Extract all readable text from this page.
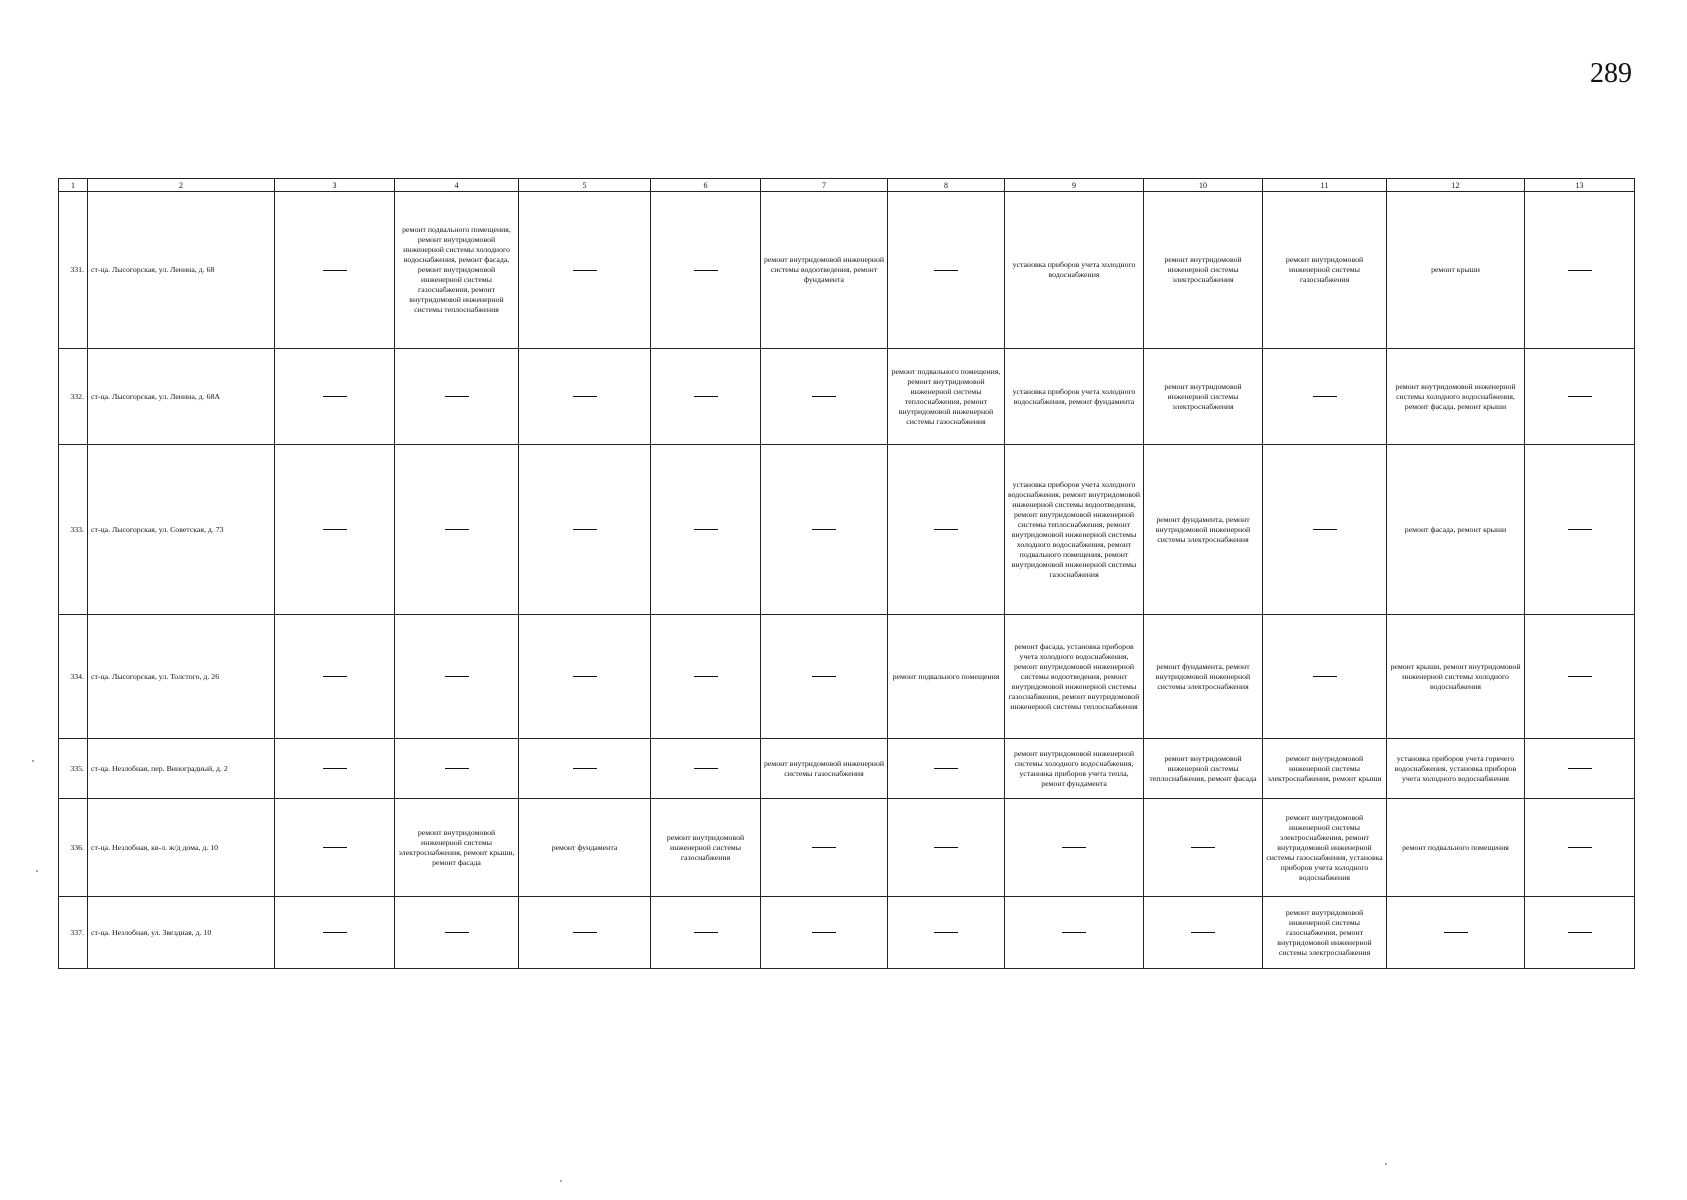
289
1	2	3	4	5	6	7	8	9	10	11	12	13
331.	ст-ца. Лысогорская, ул. Ленина, д. 68		ремонт подвального помещения, ремонт внутридомовой инженерной системы холодного водоснабжения, ремонт фасада, ремонт внутридомовой инженерной системы газоснабжения, ремонт внутридомовой инженерной системы теплоснабжения			ремонт внутридомовой инженерной системы водоотведения, ремонт фундамента		установка приборов учета холодного водоснабжения	ремонт внутридомовой инженерной системы электроснабжения	ремонт внутридомовой инженерной системы газоснабжения	ремонт крыши	
332.	ст-ца. Лысогорская, ул. Ленина, д. 68А						ремонт подвального помещения, ремонт внутридомовой инженерной системы теплоснабжения, ремонт внутридомовой инженерной системы газоснабжения	установка приборов учета холодного водоснабжения, ремонт фундамента	ремонт внутридомовой инженерной системы электроснабжения		ремонт внутридомовой инженерной системы холодного водоснабжения, ремонт фасада, ремонт крыши	
333.	ст-ца. Лысогорская, ул. Советская, д. 73							установка приборов учета холодного водоснабжения, ремонт внутридомовой инженерной системы водоотведения, ремонт внутридомовой инженерной системы теплоснабжения, ремонт внутридомовой инженерной системы холодного водоснабжения, ремонт подвального помещения, ремонт внутридомовой инженерной системы газоснабжения	ремонт фундамента, ремонт внутридомовой инженерной системы электроснабжения		ремонт фасада, ремонт крыши	
334.	ст-ца. Лысогорская, ул. Толстого, д. 26						ремонт подвального помещения	ремонт фасада, установка приборов учета холодного водоснабжения, ремонт внутридомовой инженерной системы водоотведения, ремонт внутридомовой инженерной системы газоснабжения, ремонт внутридомовой инженерной системы теплоснабжения	ремонт фундамента, ремонт внутридомовой инженерной системы электроснабжения		ремонт крыши, ремонт внутридомовой инженерной системы холодного водоснабжения	
335.	ст-ца. Незлобная, пер. Виноградный, д. 2					ремонт внутридомовой инженерной системы газоснабжения		ремонт внутридомовой инженерной системы холодного водоснабжения, установка приборов учета тепла, ремонт фундамента	ремонт внутридомовой инженерной системы теплоснабжения, ремонт фасада	ремонт внутридомовой инженерной системы электроснабжения, ремонт крыши	установка приборов учета горячего водоснабжения, установка приборов учета холодного водоснабжения	
336.	ст-ца. Незлобная, кв-л. ж/д дома, д. 10		ремонт внутридомовой инженерной системы электроснабжения, ремонт крыши, ремонт фасада	ремонт фундамента	ремонт внутридомовой инженерной системы газоснабжения					ремонт внутридомовой инженерной системы электроснабжения, ремонт внутридомовой инженерной системы газоснабжения, установка приборов учета холодного водоснабжения	ремонт подвального помещения	
337.	ст-ца. Незлобная, ул. Звездная, д. 10									ремонт внутридомовой инженерной системы газоснабжения, ремонт внутридомовой инженерной системы электроснабжения		
